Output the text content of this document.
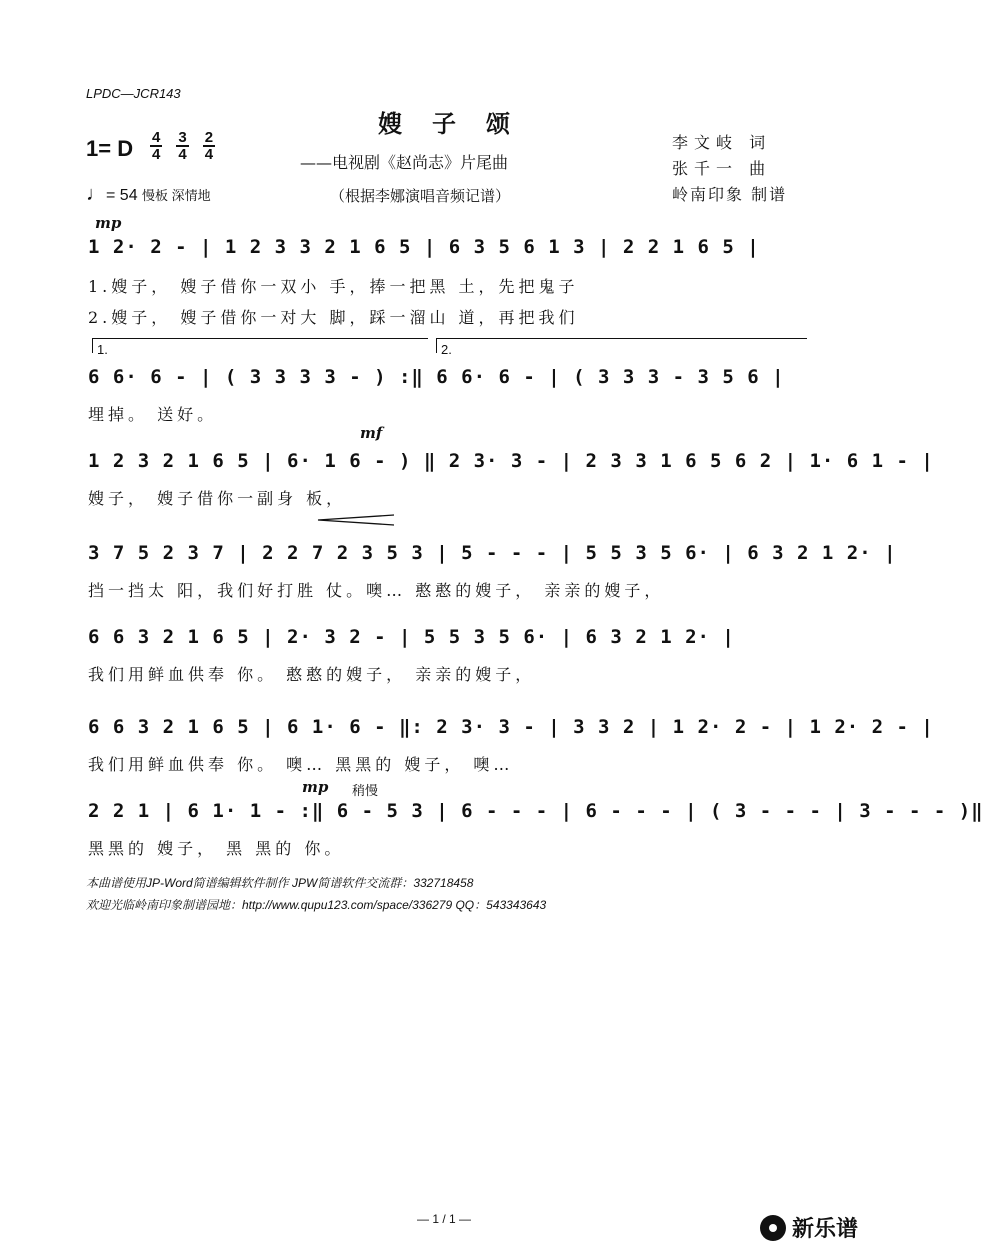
LPDC—JCR143
嫂子颂
——电视剧《赵尚志》片尾曲
（根据李娜演唱音频记谱）
1= D $\frac{4}{4} \frac{3}{4} \frac{2}{4}$
♩= 54 慢板 深情地
李文岐 词
张千一 曲
岭南印象 制谱
mp
1 2· 2 - | 1 2 3 3 2 1 6 5 | 6 3 5 6 1 3 | 2 2 1 6 5 |
1.嫂子， 嫂子借你一双小 手，捧一把黑 土，先把鬼子
2.嫂子， 嫂子借你一对大 脚，踩一溜山 道，再把我们
1.	2.
6 6· 6 - | ( 3 3 3 3 - ) :‖ 6 6· 6 - | ( 3 3 3 - 3 5 6 |
埋掉。 送好。
mf
1 2 3 2 1 6 5 | 6· 1 6 - ) ‖ 2 3· 3 - | 2 3 3 1 6 5 6 2 | 1· 6 1 - |
嫂子， 嫂子借你一副身 板，
3 7 5 2 3 7 | 2 2 7 2 3 5 3 | 5 - - - | 5 5 3 5 6· | 6 3 2 1 2· |
挡一挡太 阳，我们好打胜 仗。噢… 憨憨的嫂子， 亲亲的嫂子，
6 6 3 2 1 6 5 | 2· 3 2 - | 5 5 3 5 6· | 6 3 2 1 2· |
我们用鲜血供奉 你。 憨憨的嫂子， 亲亲的嫂子，
6 6 3 2 1 6 5 | 6 1· 6 - ‖: 2 3· 3 - | 3 3 2 | 1 2· 2 - | 1 2· 2 - |
我们用鲜血供奉 你。 噢… 黑黑的 嫂子， 噢…
mp 稍慢
2 2 1 | 6 1· 1 - :‖ 6 - 5 3 | 6 - - - | 6 - - - | ( 3 - - - | 3 - - - )‖
黑黑的 嫂子， 黑 黑的 你。
本曲谱使用JP-Word简谱编辑软件制作 JPW简谱软件交流群：332718458
欢迎光临岭南印象制谱园地：http://www.qupu123.com/space/336279 QQ：543343643
— 1 / 1 —	新乐谱
